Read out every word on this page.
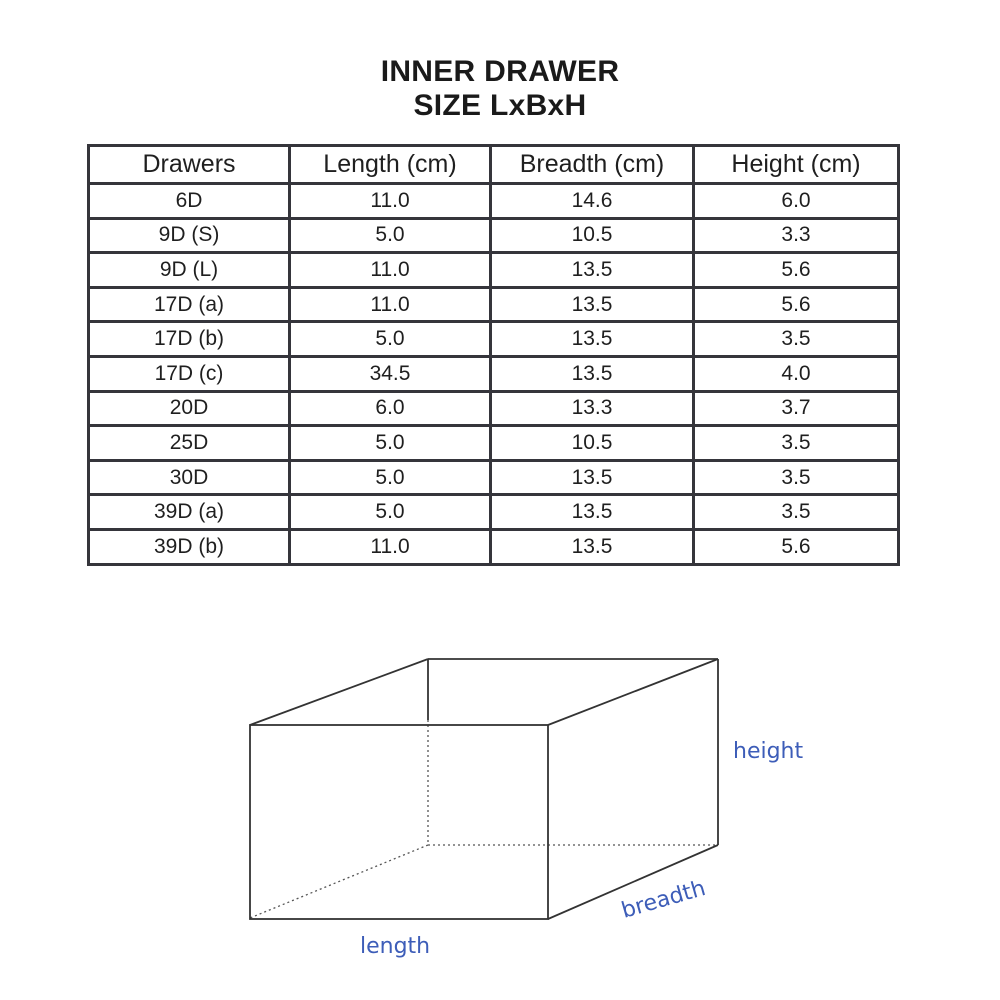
INNER DRAWER
SIZE LxBxH
Drawers	Length (cm)	Breadth (cm)	Height (cm)
6D	11.0	14.6	6.0
9D (S)	5.0	10.5	3.3
9D (L)	11.0	13.5	5.6
17D (a)	11.0	13.5	5.6
17D (b)	5.0	13.5	3.5
17D (c)	34.5	13.5	4.0
20D	6.0	13.3	3.7
25D	5.0	10.5	3.5
30D	5.0	13.5	3.5
39D (a)	5.0	13.5	3.5
39D (b)	11.0	13.5	5.6
height
breadth
length
